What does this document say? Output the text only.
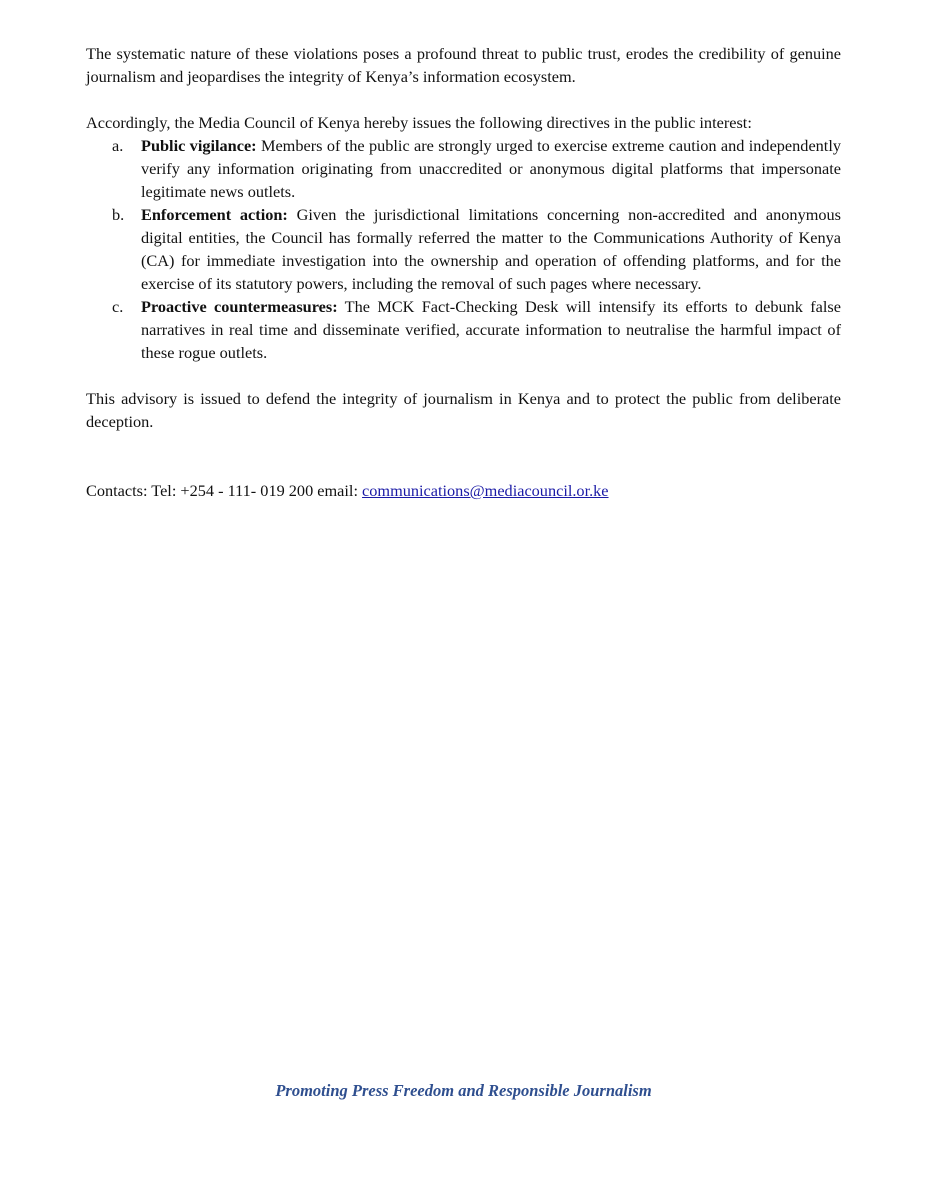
The systematic nature of these violations poses a profound threat to public trust, erodes the credibility of genuine journalism and jeopardises the integrity of Kenya’s information ecosystem.

Accordingly, the Media Council of Kenya hereby issues the following directives in the public interest:

a. Public vigilance: Members of the public are strongly urged to exercise extreme caution and independently verify any information originating from unaccredited or anonymous digital platforms that impersonate legitimate news outlets.
b. Enforcement action: Given the jurisdictional limitations concerning non-accredited and anonymous digital entities, the Council has formally referred the matter to the Communications Authority of Kenya (CA) for immediate investigation into the ownership and operation of offending platforms, and for the exercise of its statutory powers, including the removal of such pages where necessary.
c. Proactive countermeasures: The MCK Fact-Checking Desk will intensify its efforts to debunk false narratives in real time and disseminate verified, accurate information to neutralise the harmful impact of these rogue outlets.

This advisory is issued to defend the integrity of journalism in Kenya and to protect the public from deliberate deception.

Contacts: Tel: +254 - 111- 019 200 email: communications@mediacouncil.or.ke

Promoting Press Freedom and Responsible Journalism
